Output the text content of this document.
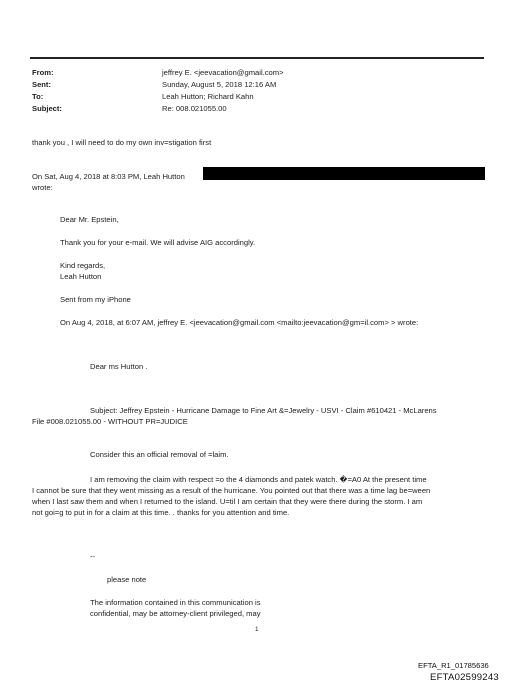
From:	jeffrey E. <jeevacation@gmail.com>
Sent:	Sunday, August 5, 2018 12:16 AM
To:	Leah Hutton; Richard Kahn
Subject:	Re: 008.021055.00
thank you , I will need to do my own inv=stigation first
On Sat, Aug 4, 2018 at 8:03 PM, Leah Hutton
wrote:
Dear Mr. Epstein,
Thank you for your e-mail. We will advise AIG accordingly.
Kind regards,
Leah Hutton
Sent from my iPhone
On Aug 4, 2018, at 6:07 AM, jeffrey E. <jeevacation@gmail.com <mailto:jeevacation@gm=il.com> > wrote:
Dear ms Hutton .
Subject: Jeffrey Epstein - Hurricane Damage to Fine Art &=Jewelry - USVI - Claim #610421 - McLarens
File #008.021055.00 - WITHOUT PR=JUDICE
Consider this an official removal of =laim.
I am removing the claim with respect =o the 4 diamonds and patek watch. �=A0 At the present time
I cannot be sure that they went missing as a result of the hurricane. You pointed out that there was a time lag be=ween
when I last saw them and when I returned to the island. U=til I am certain that they were there during the storm. I am
not goi=g to put in for a claim at this time. . thanks for you attention and time.
--
please note
The information contained in this communication is
confidential, may be attorney-client privileged, may
1
EFTA_R1_01785636
EFTA02599243
